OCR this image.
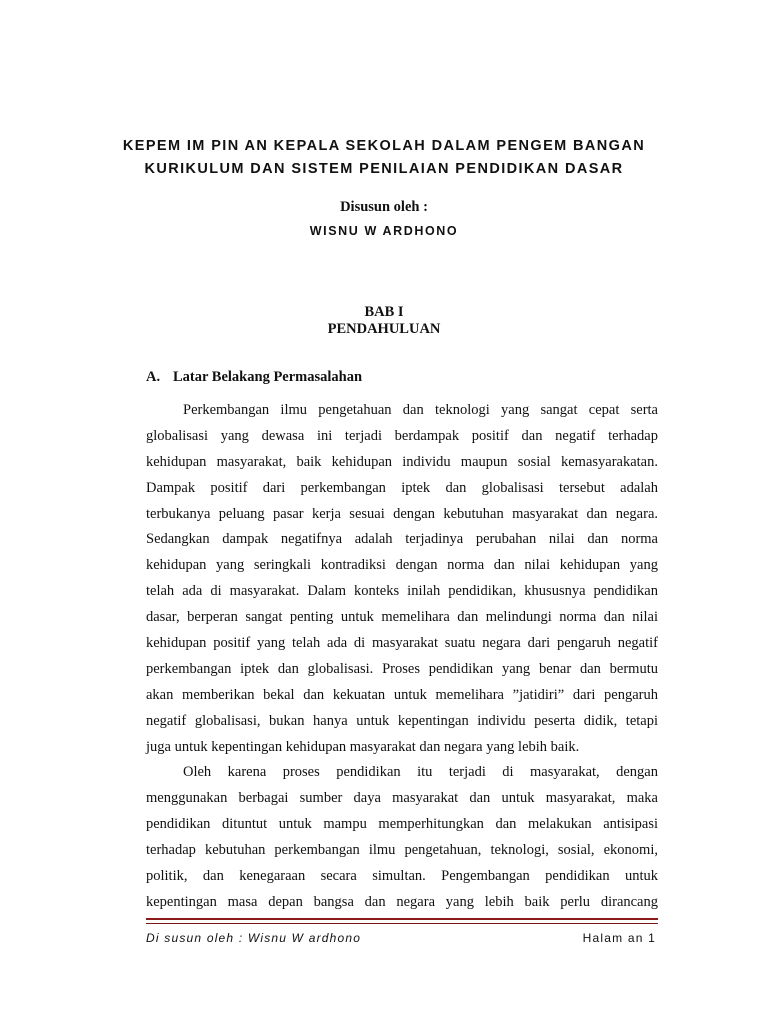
KEPEM IM PIN AN KEPALA SEKOLAH DALAM PENGEM BANGAN
KURIKULUM DAN SISTEM PENILAIAN PENDIDIKAN DASAR
Disusun oleh :
WISNU W ARDHONO
BAB I
PENDAHULUAN
A. Latar Belakang Permasalahan
Perkembangan ilmu pengetahuan dan teknologi yang sangat cepat serta
globalisasi yang dewasa ini terjadi berdampak positif dan negatif terhadap
kehidupan masyarakat, baik kehidupan individu maupun sosial kemasyarakatan.
Dampak positif dari perkembangan iptek dan globalisasi tersebut adalah
terbukanya peluang pasar kerja sesuai dengan kebutuhan masyarakat dan negara.
Sedangkan dampak negatifnya adalah terjadinya perubahan nilai dan norma
kehidupan yang seringkali kontradiksi dengan norma dan nilai kehidupan yang
telah ada di masyarakat. Dalam konteks inilah pendidikan, khususnya pendidikan
dasar, berperan sangat penting untuk memelihara dan melindungi norma dan nilai
kehidupan positif yang telah ada di masyarakat suatu negara dari pengaruh negatif
perkembangan iptek dan globalisasi. Proses pendidikan yang benar dan bermutu
akan memberikan bekal dan kekuatan untuk memelihara ”jatidiri” dari pengaruh
negatif globalisasi, bukan hanya untuk kepentingan individu peserta didik, tetapi
juga untuk kepentingan kehidupan masyarakat dan negara yang lebih baik.
Oleh karena proses pendidikan itu terjadi di masyarakat, dengan
menggunakan berbagai sumber daya masyarakat dan untuk masyarakat, maka
pendidikan dituntut untuk mampu memperhitungkan dan melakukan antisipasi
terhadap kebutuhan perkembangan ilmu pengetahuan, teknologi, sosial, ekonomi,
politik, dan kenegaraan secara simultan. Pengembangan pendidikan untuk
kepentingan masa depan bangsa dan negara yang lebih baik perlu dirancang
Di susun oleh : Wisnu W ardhono	Halam an 1
